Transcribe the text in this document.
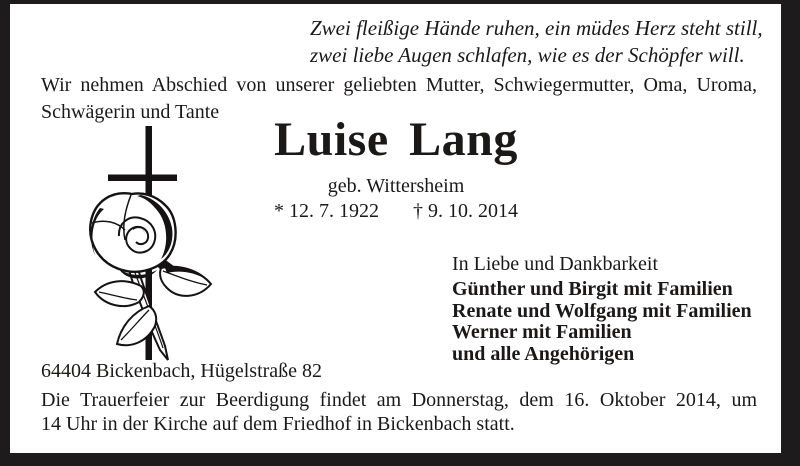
Zwei fleißige Hände ruhen, ein müdes Herz steht still,
zwei liebe Augen schlafen, wie es der Schöpfer will.
Wir nehmen Abschied von unserer geliebten Mutter, Schwiegermutter, Oma, Uroma,
Schwägerin und Tante
Luise Lang
geb. Wittersheim
* 12. 7. 1922 † 9. 10. 2014
In Liebe und Dankbarkeit
Günther und Birgit mit Familien
Renate und Wolfgang mit Familien
Werner mit Familien
und alle Angehörigen
64404 Bickenbach, Hügelstraße 82
Die Trauerfeier zur Beerdigung findet am Donnerstag, dem 16. Oktober 2014, um
14 Uhr in der Kirche auf dem Friedhof in Bickenbach statt.
